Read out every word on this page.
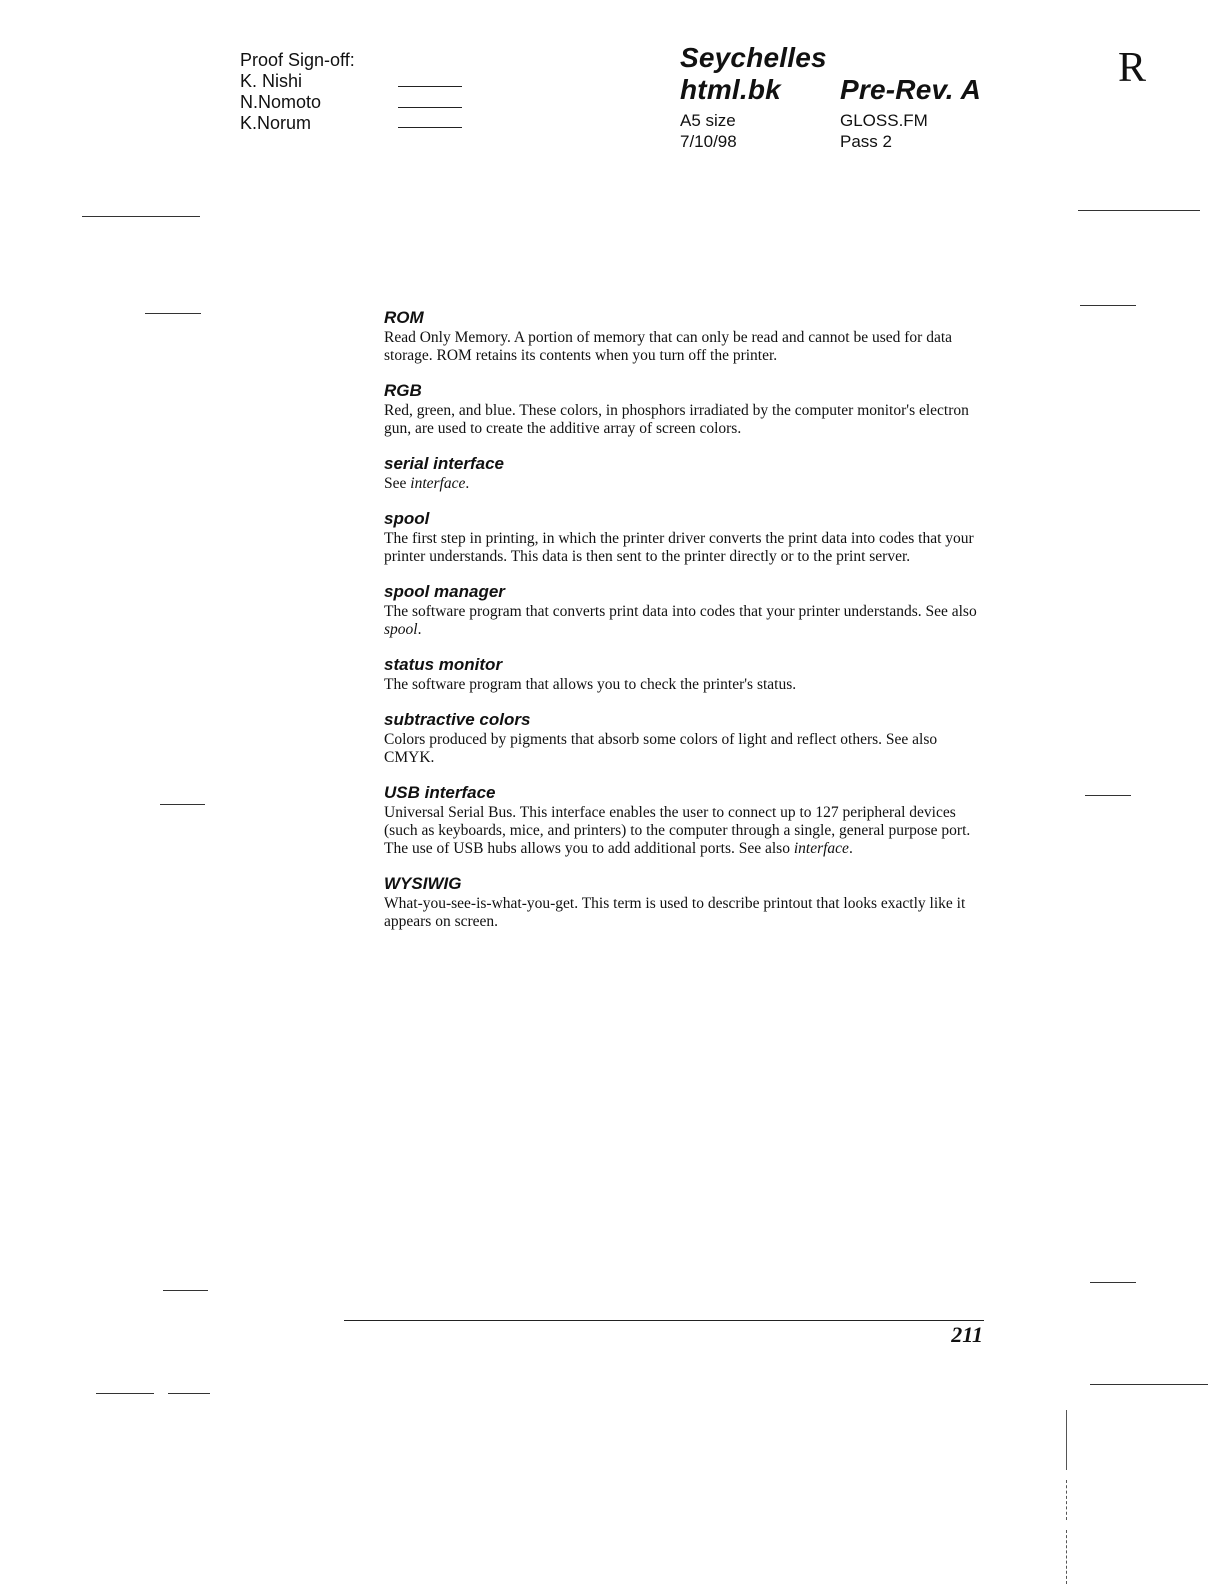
Proof Sign-off:
K. Nishi
N.Nomoto
K.Norum
Seychelles
html.bk Pre-Rev. A
A5 size
7/10/98
GLOSS.FM
Pass 2
R

ROM

Read Only Memory. A portion of memory that can only be read and cannot be used for data storage. ROM retains its contents when you turn off the printer.

RGB

Red, green, and blue. These colors, in phosphors irradiated by the computer monitor's electron gun, are used to create the additive array of screen colors.

serial interface

See interface.

spool

The first step in printing, in which the printer driver converts the print data into codes that your printer understands. This data is then sent to the printer directly or to the print server.

spool manager

The software program that converts print data into codes that your printer understands. See also spool.

status monitor

The software program that allows you to check the printer's status.

subtractive colors

Colors produced by pigments that absorb some colors of light and reflect others. See also CMYK.

USB interface

Universal Serial Bus. This interface enables the user to connect up to 127 peripheral devices (such as keyboards, mice, and printers) to the computer through a single, general purpose port. The use of USB hubs allows you to add additional ports. See also interface.

WYSIWIG

What-you-see-is-what-you-get. This term is used to describe printout that looks exactly like it appears on screen.

211
